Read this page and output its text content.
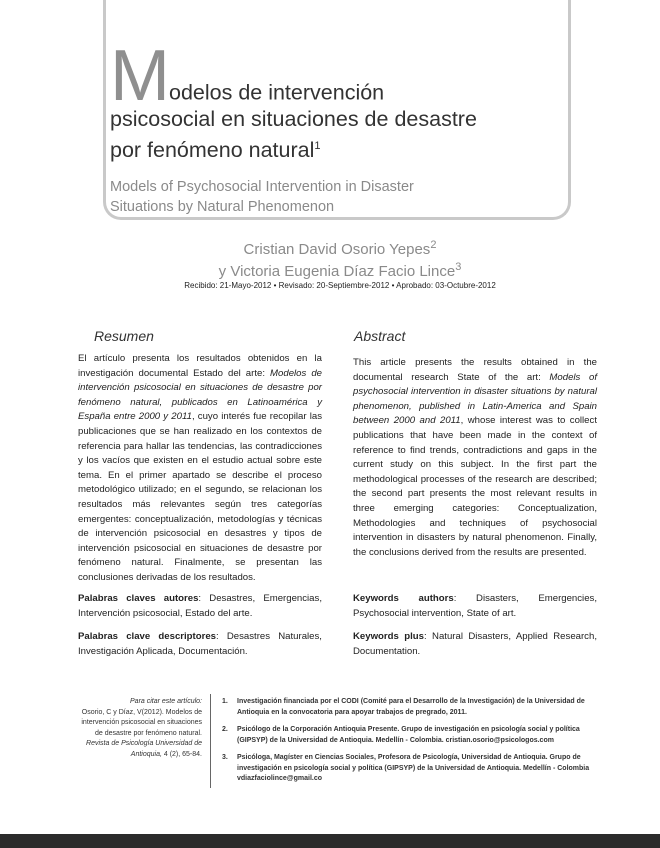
Modelos de intervención
psicosocial en situaciones de desastre
por fenómeno natural$^1$
Models of Psychosocial Intervention in Disaster
Situations by Natural Phenomenon
Cristian David Osorio Yepes$^2$
y Victoria Eugenia Díaz Facio Lince$^3$
Recibido: 21-Mayo-2012 • Revisado: 20-Septiembre-2012 • Aprobado: 03-Octubre-2012
Resumen	Abstract
El artículo presenta los resultados obtenidos en la investigación documental Estado del arte: Modelos de intervención psicosocial en situaciones de desastre por fenómeno natural, publicados en Latinoamérica y España entre 2000 y 2011, cuyo interés fue recopilar las publicaciones que se han realizado en los contextos de referencia para hallar las tendencias, las contradicciones y los vacíos que existen en el estudio actual sobre este tema. En el primer apartado se describe el proceso metodológico utilizado; en el segundo, se relacionan los resultados más relevantes según tres categorías emergentes: conceptualización, metodologías y técnicas de intervención psicosocial en desastres y tipos de intervención psicosocial en situaciones de desastre por fenómeno natural. Finalmente, se presentan las conclusiones derivadas de los resultados.
This article presents the results obtained in the documental research State of the art: Models of psychosocial intervention in disaster situations by natural phenomenon, published in Latin-America and Spain between 2000 and 2011, whose interest was to collect publications that have been made in the context of reference to find trends, contradictions and gaps in the current study on this subject. In the first part the methodological processes of the research are described; the second part presents the most relevant results in three emerging categories: Conceptualization, Methodologies and techniques of psychosocial intervention in disasters by natural phenomenon. Finally, the conclusions derived from the results are presented.
Palabras claves autores: Desastres, Emergencias, Intervención psicosocial, Estado del arte.
Palabras clave descriptores: Desastres Naturales, Investigación Aplicada, Documentación.
Keywords authors: Disasters, Emergencies, Psychosocial intervention, State of art.
Keywords plus: Natural Disasters, Applied Research, Documentation.
Para citar este artículo:
Osorio, C y Díaz, V(2012). Modelos de intervención psicosocial en situaciones de desastre por fenómeno natural. Revista de Psicología Universidad de Antioquia, 4 (2), 65-84.
1. Investigación financiada por el CODI (Comité para el Desarrollo de la Investigación) de la Universidad de Antioquia en la convocatoria para apoyar trabajos de pregrado, 2011.
2. Psicólogo de la Corporación Antioquia Presente. Grupo de investigación en psicología social y política (GIPSYP) de la Universidad de Antioquia. Medellín - Colombia. cristian.osorio@psicologos.com
3. Psicóloga, Magíster en Ciencias Sociales, Profesora de Psicología, Universidad de Antioquia. Grupo de investigación en psicología social y política (GIPSYP) de la Universidad de Antioquia. Medellín - Colombia vdiazfaciolince@gmail.co
